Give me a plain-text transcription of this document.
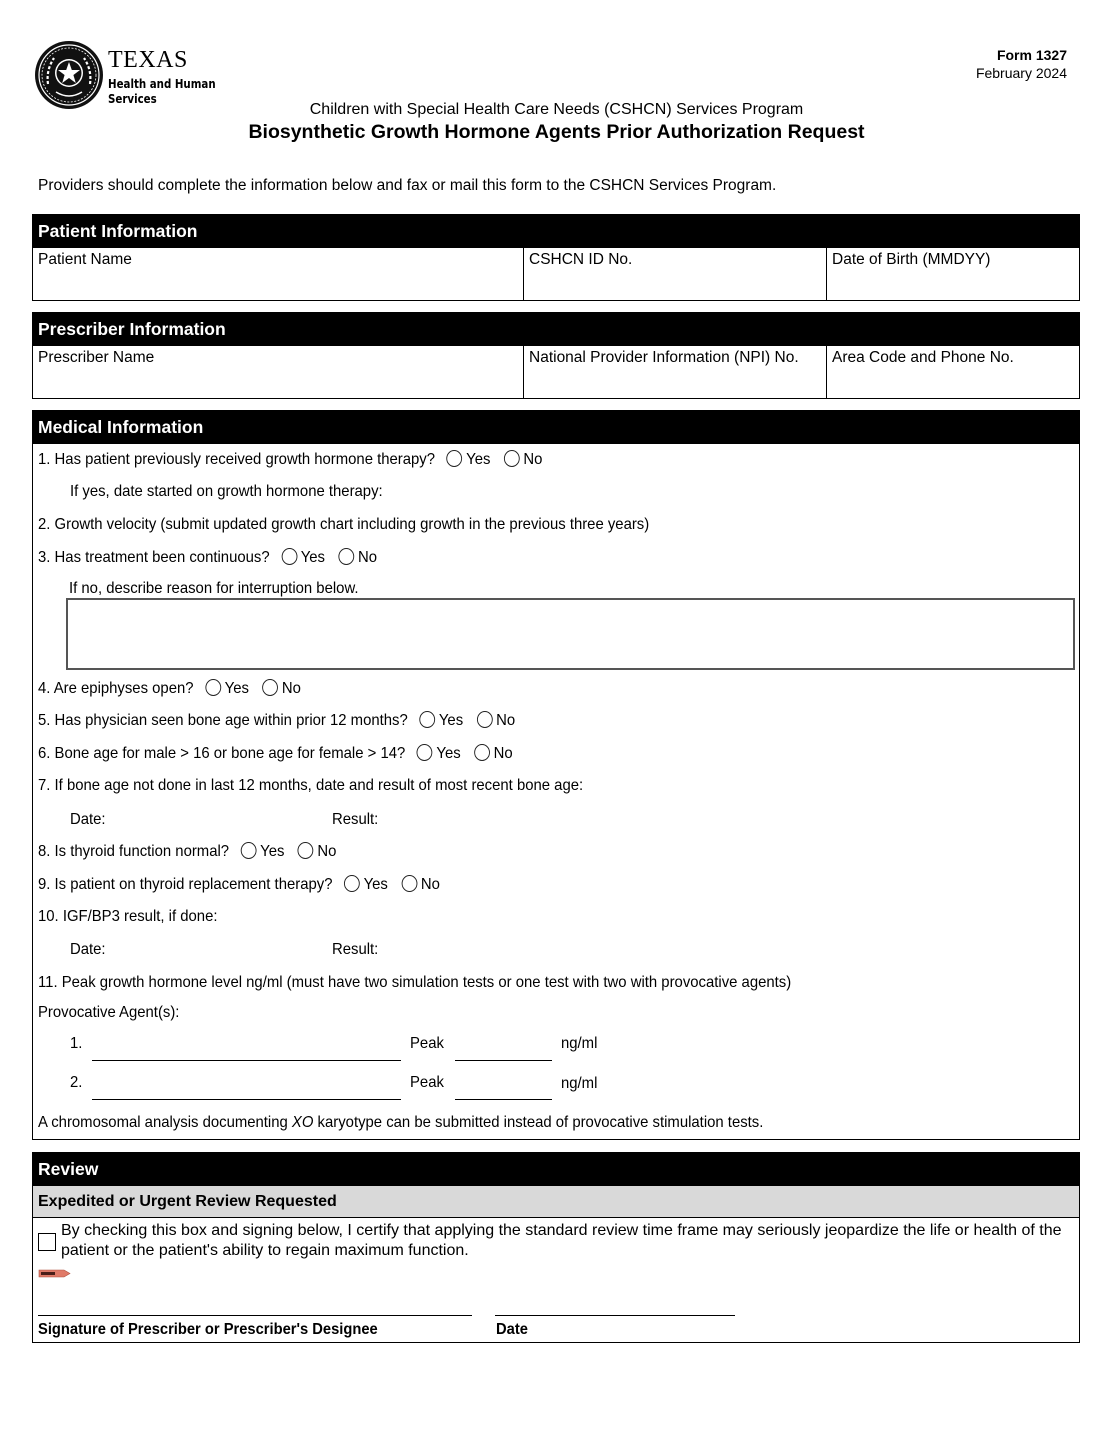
TEXAS
Health and Human
Services
Form 1327
February 2024
Children with Special Health Care Needs (CSHCN) Services Program
Biosynthetic Growth Hormone Agents Prior Authorization Request
Providers should complete the information below and fax or mail this form to the CSHCN Services Program.
Patient Information
Patient Name	CSHCN ID No.	Date of Birth (MMDYY)
Prescriber Information
Prescriber Name	National Provider Information (NPI) No.	Area Code and Phone No.
Medical Information
1. Has patient previously received growth hormone therapy? Yes No
If yes, date started on growth hormone therapy:
2. Growth velocity (submit updated growth chart including growth in the previous three years)
3. Has treatment been continuous? Yes No
If no, describe reason for interruption below.
4. Are epiphyses open? Yes No
5. Has physician seen bone age within prior 12 months? Yes No
6. Bone age for male > 16 or bone age for female > 14? Yes No
7. If bone age not done in last 12 months, date and result of most recent bone age:
Date:	Result:
8. Is thyroid function normal? Yes No
9. Is patient on thyroid replacement therapy? Yes No
10. IGF/BP3 result, if done:
Date:	Result:
11. Peak growth hormone level ng/ml (must have two simulation tests or one test with two with provocative agents)
Provocative Agent(s):
1.	Peak	ng/ml
2.	Peak	ng/ml
A chromosomal analysis documenting XO karyotype can be submitted instead of provocative stimulation tests.
Review
Expedited or Urgent Review Requested
By checking this box and signing below, I certify that applying the standard review time frame may seriously jeopardize the life or health of the patient or the patient's ability to regain maximum function.
Signature of Prescriber or Prescriber's Designee	Date
